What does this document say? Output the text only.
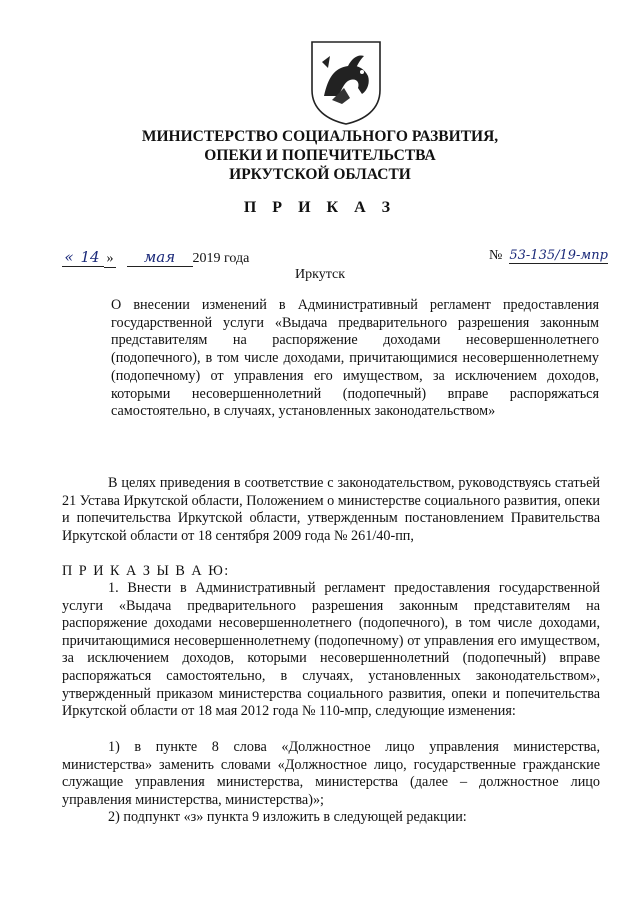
МИНИСТЕРСТВО СОЦИАЛЬНОГО РАЗВИТИЯ,
ОПЕКИ И ПОПЕЧИТЕЛЬСТВА
ИРКУТСКОЙ ОБЛАСТИ
П Р И К А З
« 14 » мая 2019 года	№ 53-135/19-мпр
Иркутск

О внесении изменений в Административный регламент предоставления государственной услуги «Выдача предварительного разрешения законным представителям на распоряжение доходами несовершеннолетнего (подопечного), в том числе доходами, причитающимися несовершеннолетнему (подопечному) от управления его имуществом, за исключением доходов, которыми несовершеннолетний (подопечный) вправе распоряжаться самостоятельно, в случаях, установленных законодательством»

В целях приведения в соответствие с законодательством, руководствуясь статьей 21 Устава Иркутской области, Положением о министерстве социального развития, опеки и попечительства Иркутской области, утвержденным постановлением Правительства Иркутской области от 18 сентября 2009 года № 261/40-пп,

П Р И К А З Ы В А Ю:

1. Внести в Административный регламент предоставления государственной услуги «Выдача предварительного разрешения законным представителям на распоряжение доходами несовершеннолетнего (подопечного), в том числе доходами, причитающимися несовершеннолетнему (подопечному) от управления его имуществом, за исключением доходов, которыми несовершеннолетний (подопечный) вправе распоряжаться самостоятельно, в случаях, установленных законодательством», утвержденный приказом министерства социального развития, опеки и попечительства Иркутской области от 18 мая 2012 года № 110-мпр, следующие изменения:

1) в пункте 8 слова «Должностное лицо управления министерства, министерства» заменить словами «Должностное лицо, государственные гражданские служащие управления министерства, министерства (далее – должностное лицо управления министерства, министерства)»;

2) подпункт «з» пункта 9 изложить в следующей редакции:
